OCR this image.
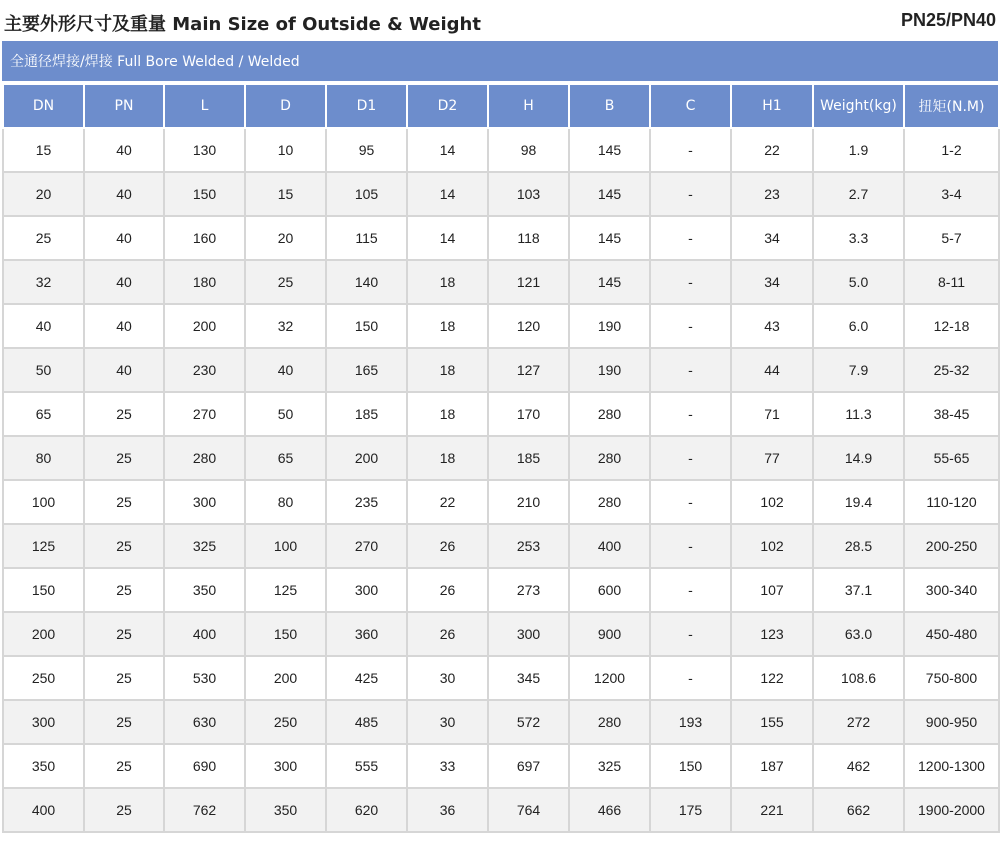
主要外形尺寸及重量 Main Size of Outside & Weight	PN25/PN40
全通径焊接/焊接 Full Bore Welded / Welded
DN	PN	L	D	D1	D2	H	B	C	H1	Weight(kg)	扭矩(N.M)
15	40	130	10	95	14	98	145	-	22	1.9	1-2
20	40	150	15	105	14	103	145	-	23	2.7	3-4
25	40	160	20	115	14	118	145	-	34	3.3	5-7
32	40	180	25	140	18	121	145	-	34	5.0	8-11
40	40	200	32	150	18	120	190	-	43	6.0	12-18
50	40	230	40	165	18	127	190	-	44	7.9	25-32
65	25	270	50	185	18	170	280	-	71	11.3	38-45
80	25	280	65	200	18	185	280	-	77	14.9	55-65
100	25	300	80	235	22	210	280	-	102	19.4	110-120
125	25	325	100	270	26	253	400	-	102	28.5	200-250
150	25	350	125	300	26	273	600	-	107	37.1	300-340
200	25	400	150	360	26	300	900	-	123	63.0	450-480
250	25	530	200	425	30	345	1200	-	122	108.6	750-800
300	25	630	250	485	30	572	280	193	155	272	900-950
350	25	690	300	555	33	697	325	150	187	462	1200-1300
400	25	762	350	620	36	764	466	175	221	662	1900-2000
